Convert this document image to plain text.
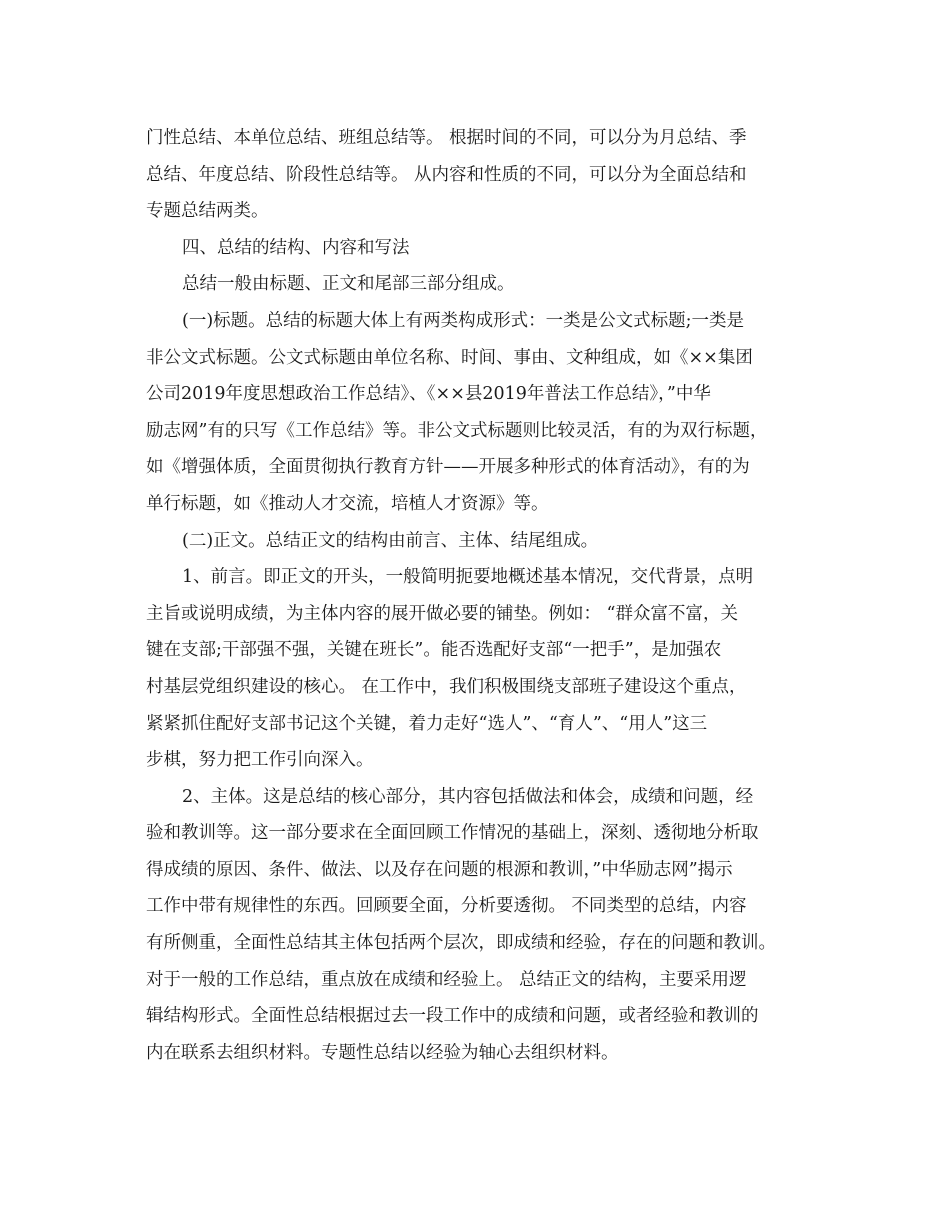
门性总结、本单位总结、班组总结等。 根据时间的不同，可以分为月总结、季
总结、年度总结、阶段性总结等。 从内容和性质的不同，可以分为全面总结和
专题总结两类。
四、总结的结构、内容和写法
总结一般由标题、正文和尾部三部分组成。
(一)标题。总结的标题大体上有两类构成形式：一类是公文式标题;一类是
非公文式标题。公文式标题由单位名称、时间、事由、文种组成，如《××集团
公司2019年度思想政治工作总结》、《××县2019年普法工作总结》，”中华
励志网”有的只写《工作总结》等。非公文式标题则比较灵活，有的为双行标题，
如《增强体质，全面贯彻执行教育方针——开展多种形式的体育活动》，有的为
单行标题，如《推动人才交流，培植人才资源》等。
(二)正文。总结正文的结构由前言、主体、结尾组成。
1、前言。即正文的开头，一般简明扼要地概述基本情况，交代背景，点明
主旨或说明成绩，为主体内容的展开做必要的铺垫。例如： “群众富不富，关
键在支部;干部强不强，关键在班长”。能否选配好支部“一把手”，是加强农
村基层党组织建设的核心。 在工作中，我们积极围绕支部班子建设这个重点，
紧紧抓住配好支部书记这个关键，着力走好“选人”、“育人”、“用人”这三
步棋，努力把工作引向深入。
2、主体。这是总结的核心部分，其内容包括做法和体会，成绩和问题，经
验和教训等。这一部分要求在全面回顾工作情况的基础上，深刻、透彻地分析取
得成绩的原因、条件、做法、以及存在问题的根源和教训，”中华励志网”揭示
工作中带有规律性的东西。回顾要全面，分析要透彻。 不同类型的总结，内容
有所侧重，全面性总结其主体包括两个层次，即成绩和经验，存在的问题和教训。
对于一般的工作总结，重点放在成绩和经验上。 总结正文的结构，主要采用逻
辑结构形式。全面性总结根据过去一段工作中的成绩和问题，或者经验和教训的
内在联系去组织材料。专题性总结以经验为轴心去组织材料。
